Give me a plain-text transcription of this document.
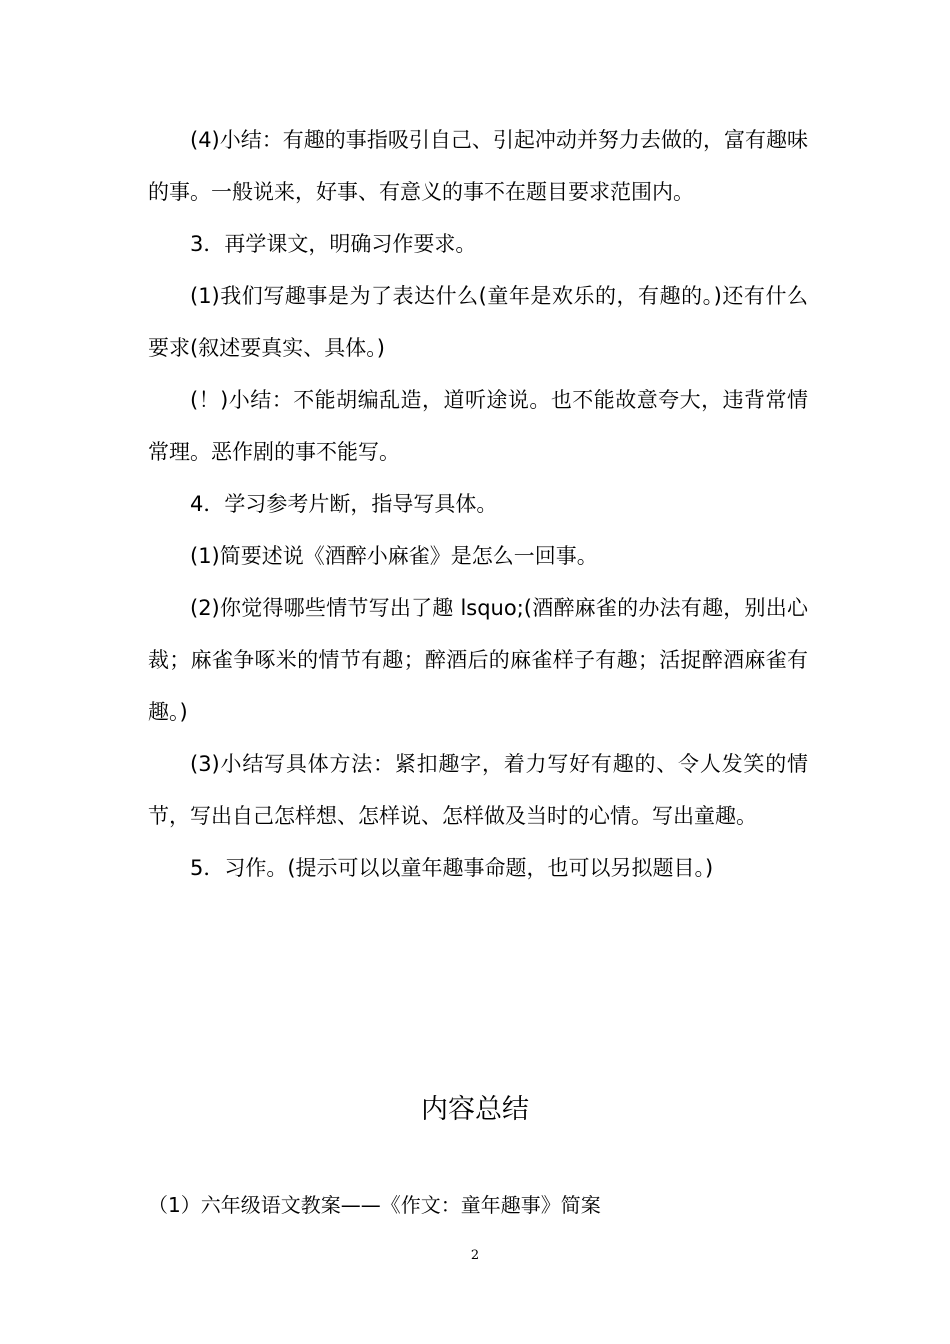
(4)小结：有趣的事指吸引自己、引起冲动并努力去做的，富有趣味的事。一般说来，好事、有意义的事不在题目要求范围内。

3．再学课文，明确习作要求。

(1)我们写趣事是为了表达什么(童年是欢乐的，有趣的。)还有什么要求(叙述要真实、具体。)

(！)小结：不能胡编乱造，道听途说。也不能故意夸大，违背常情常理。恶作剧的事不能写。

4．学习参考片断，指导写具体。

(1)简要述说《酒醉小麻雀》是怎么一回事。

(2)你觉得哪些情节写出了趣 lsquo;(酒醉麻雀的办法有趣，别出心裁；麻雀争啄米的情节有趣；醉酒后的麻雀样子有趣；活捉醉酒麻雀有趣。)

(3)小结写具体方法：紧扣趣字，着力写好有趣的、令人发笑的情节，写出自己怎样想、怎样说、怎样做及当时的心情。写出童趣。

5．习作。(提示可以以童年趣事命题，也可以另拟题目。)

内容总结
（1）六年级语文教案——《作文：童年趣事》简案
2
